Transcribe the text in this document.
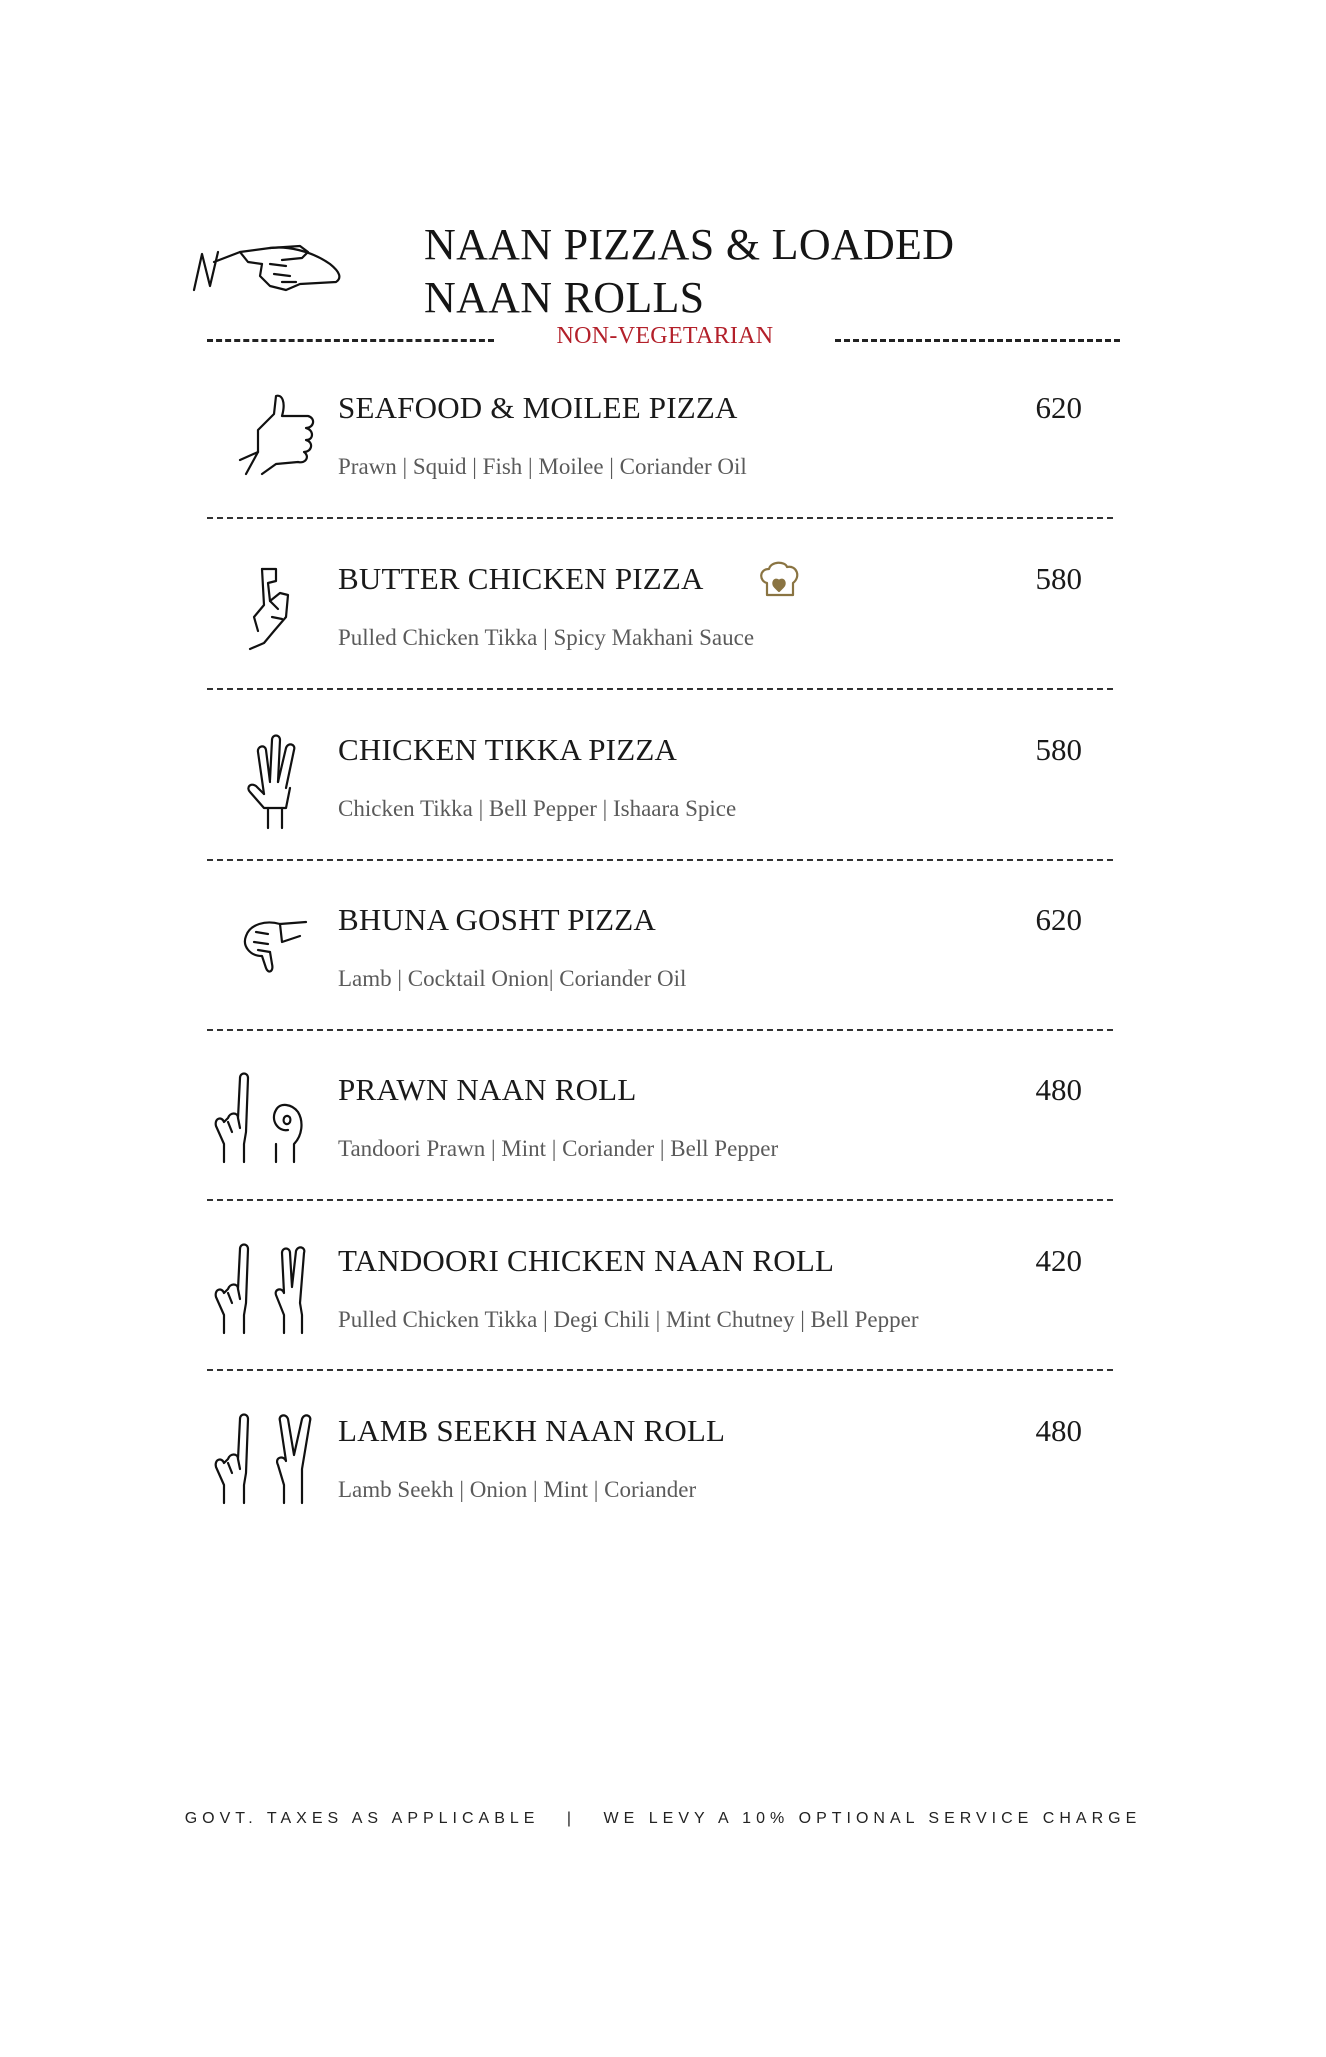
NAAN PIZZAS & LOADED
NAAN ROLLS
NON-VEGETARIAN
SEAFOOD & MOILEE PIZZA	620
Prawn | Squid | Fish | Moilee | Coriander Oil
BUTTER CHICKEN PIZZA	580
Pulled Chicken Tikka | Spicy Makhani Sauce
CHICKEN TIKKA PIZZA	580
Chicken Tikka | Bell Pepper | Ishaara Spice
BHUNA GOSHT PIZZA	620
Lamb | Cocktail Onion| Coriander Oil
PRAWN NAAN ROLL	480
Tandoori Prawn | Mint | Coriander | Bell Pepper
TANDOORI CHICKEN NAAN ROLL	420
Pulled Chicken Tikka | Degi Chili | Mint Chutney | Bell Pepper
LAMB SEEKH NAAN ROLL	480
Lamb Seekh | Onion | Mint | Coriander
GOVT. TAXES AS APPLICABLE | WE LEVY A 10% OPTIONAL SERVICE CHARGE
